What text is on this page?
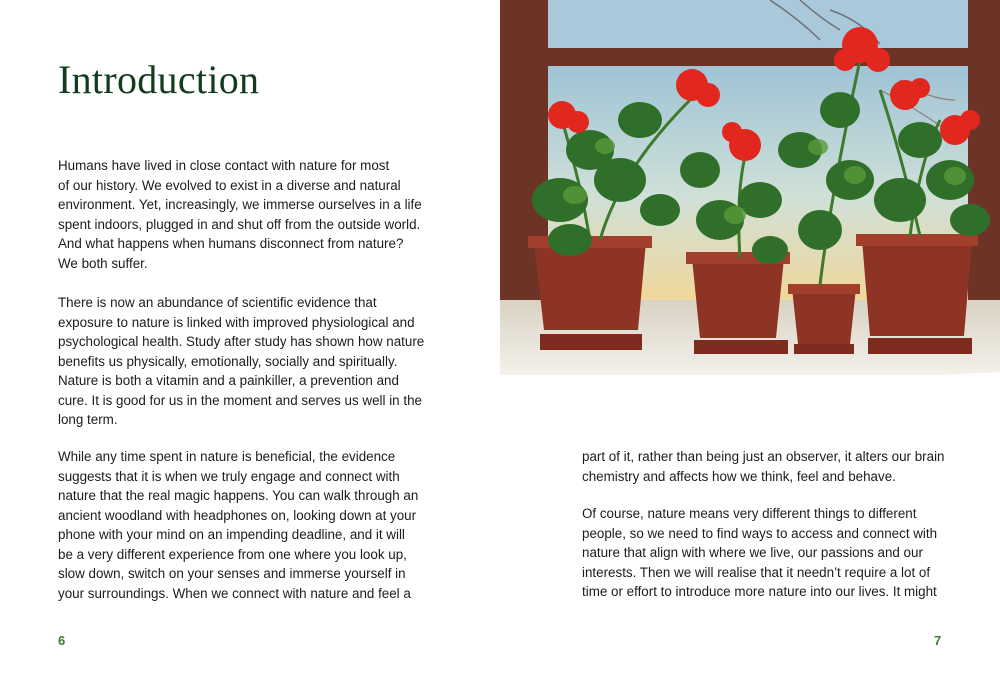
Introduction

Humans have lived in close contact with nature for most
of our history. We evolved to exist in a diverse and natural
environment. Yet, increasingly, we immerse ourselves in a life
spent indoors, plugged in and shut off from the outside world.
And what happens when humans disconnect from nature?
We both suffer.

There is now an abundance of scientific evidence that
exposure to nature is linked with improved physiological and
psychological health. Study after study has shown how nature
benefits us physically, emotionally, socially and spiritually.
Nature is both a vitamin and a painkiller, a prevention and
cure. It is good for us in the moment and serves us well in the
long term.

While any time spent in nature is beneficial, the evidence
suggests that it is when we truly engage and connect with
nature that the real magic happens. You can walk through an
ancient woodland with headphones on, looking down at your
phone with your mind on an impending deadline, and it will
be a very different experience from one where you look up,
slow down, switch on your senses and immerse yourself in
your surroundings. When we connect with nature and feel a

6

part of it, rather than being just an observer, it alters our brain
chemistry and affects how we think, feel and behave.

Of course, nature means very different things to different
people, so we need to find ways to access and connect with
nature that align with where we live, our passions and our
interests. Then we will realise that it needn’t require a lot of
time or effort to introduce more nature into our lives. It might

7
